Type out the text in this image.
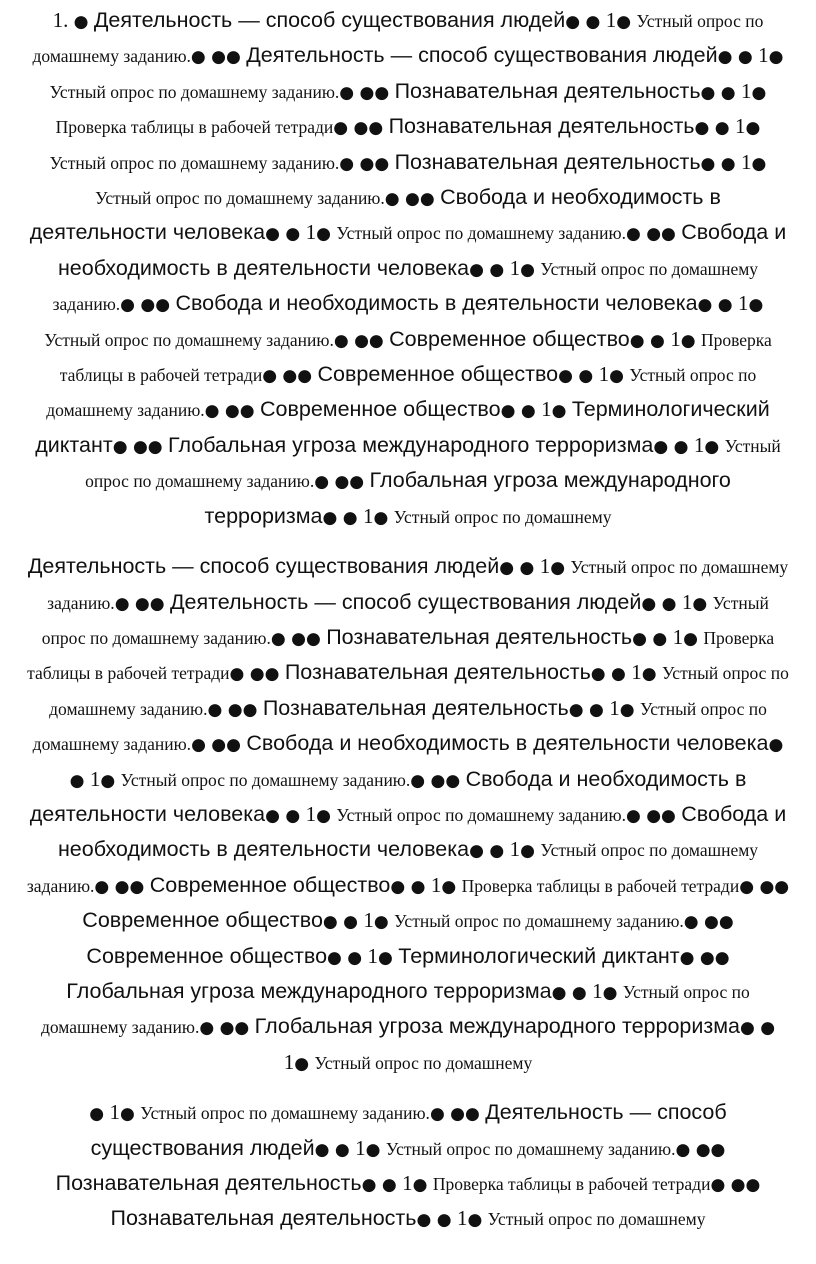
1. ● Деятельность — способ существования людей● ● 1● Устный опрос по домашнему заданию.● ●● Деятельность — способ существования людей● ● 1● Устный опрос по домашнему заданию.● ●● Познавательная деятельность● ● 1● Проверка таблицы в рабочей тетради● ●● Познавательная деятельность● ● 1● Устный опрос по домашнему заданию.● ●● Познавательная деятельность● ● 1● Устный опрос по домашнему заданию.● ●● Свобода и необходимость в деятельности человека● ● 1● Устный опрос по домашнему заданию.● ●● Свобода и необходимость в деятельности человека● ● 1● Устный опрос по домашнему заданию.● ●● Свобода и необходимость в деятельности человека● ● 1● Устный опрос по домашнему заданию.● ●● Современное общество● ● 1● Проверка таблицы в рабочей тетради● ●● Современное общество● ● 1● Устный опрос по домашнему заданию.● ●● Современное общество● ● 1● Терминологический диктант● ●● Глобальная угроза международного терроризма● ● 1● Устный опрос по домашнему заданию.● ●● Глобальная угроза международного терроризма● ● 1● Устный опрос по домашнему

Деятельность — способ существования людей● ● 1● Устный опрос по домашнему заданию.● ●● Деятельность — способ существования людей● ● 1● Устный опрос по домашнему заданию.● ●● Познавательная деятельность● ● 1● Проверка таблицы в рабочей тетради● ●● Познавательная деятельность● ● 1● Устный опрос по домашнему заданию.● ●● Познавательная деятельность● ● 1● Устный опрос по домашнему заданию.● ●● Свобода и необходимость в деятельности человека● ● 1● Устный опрос по домашнему заданию.● ●● Свобода и необходимость в деятельности человека● ● 1● Устный опрос по домашнему заданию.● ●● Свобода и необходимость в деятельности человека● ● 1● Устный опрос по домашнему заданию.● ●● Современное общество● ● 1● Проверка таблицы в рабочей тетради● ●● Современное общество● ● 1● Устный опрос по домашнему заданию.● ●● Современное общество● ● 1● Терминологический диктант● ●● Глобальная угроза международного терроризма● ● 1● Устный опрос по домашнему заданию.● ●● Глобальная угроза международного терроризма● ● 1● Устный опрос по домашнему

● 1● Устный опрос по домашнему заданию.● ●● Деятельность — способ существования людей● ● 1● Устный опрос по домашнему заданию.● ●● Познавательная деятельность● ● 1● Проверка таблицы в рабочей тетради● ●● Познавательная деятельность● ● 1● Устный опрос по домашнему
